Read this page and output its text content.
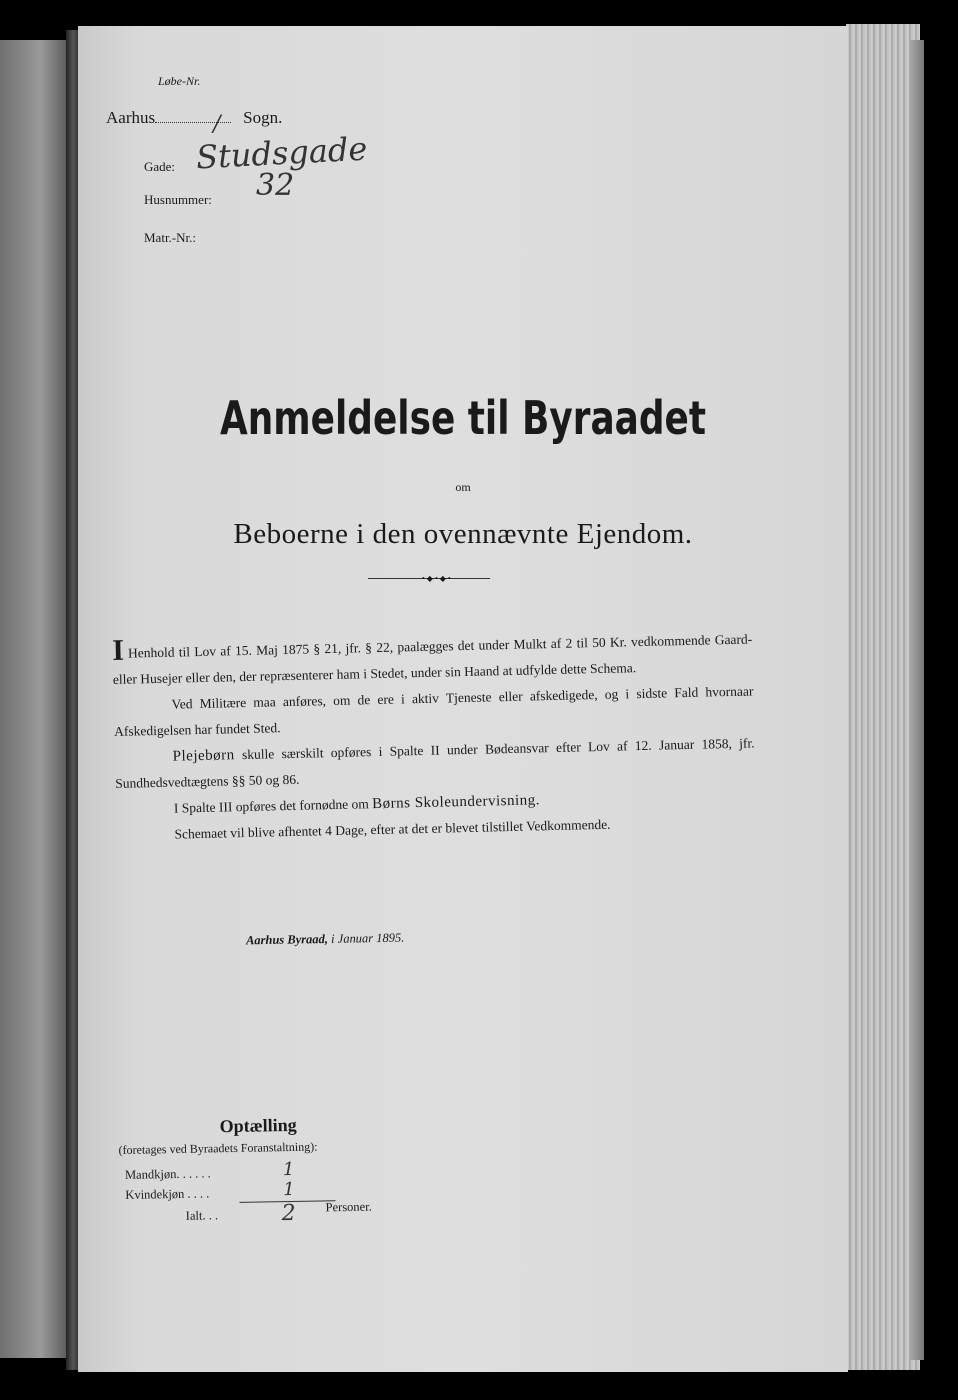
Løbe-Nr.
Aarhus	/ Sogn.
Gade: Studsgade
Husnummer: 32
Matr.-Nr.:
Anmeldelse til Byraadet
om
Beboerne i den ovennævnte Ejendom.
•◆•◆•

I Henhold til Lov af 15. Maj 1875 § 21, jfr. § 22, paalægges det under Mulkt af 2 til 50 Kr. vedkommende Gaard- eller Husejer eller den, der repræsenterer ham i Stedet, under sin Haand at udfylde dette Schema.

Ved Militære maa anføres, om de ere i aktiv Tjeneste eller afskedigede, og i sidste Fald hvornaar Afskedigelsen har fundet Sted.

Plejebørn skulle særskilt opføres i Spalte II under Bødeansvar efter Lov af 12. Januar 1858, jfr. Sundhedsvedtægtens §§ 50 og 86.

I Spalte III opføres det fornødne om Børns Skoleundervisning.

Schemaet vil blive afhentet 4 Dage, efter at det er blevet tilstillet Vedkommende.

Aarhus Byraad, i Januar 1895.
Optælling
(foretages ved Byraadets Foranstaltning):
Mandkjøn. . . . . .	1
Kvindekjøn . . . .	1
Ialt. . .	2 Personer.
